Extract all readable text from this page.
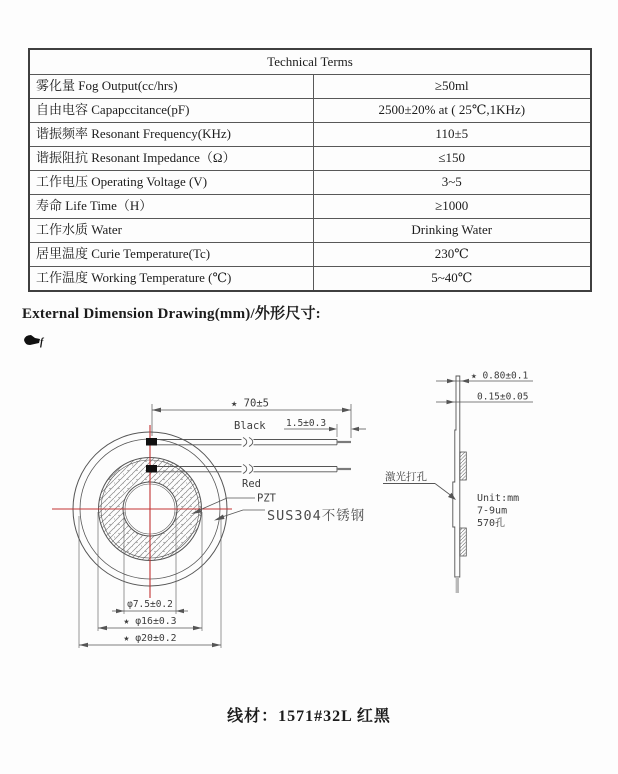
Technical Terms	
雾化量 Fog Output(cc/hrs)	≥50ml
自由电容 Capapccitance(pF)	2500±20% at ( 25℃,1KHz)
谐振频率 Resonant Frequency(KHz)	110±5
谐振阻抗 Resonant Impedance（Ω）	≤150
工作电压 Operating Voltage (V)	3~5
寿命 Life Time（H）	≥1000
工作水质 Water	Drinking Water
居里温度 Curie Temperature(Tc)	230℃
工作温度 Working Temperature (℃)	5~40℃
External Dimension Drawing(mm)/外形尺寸:
f
★ 70±5
Black
Red
1.5±0.3
PZT
SUS304不锈钢
φ7.5±0.2
★ φ16±0.3
★ φ20±0.2
★ 0.80±0.1
0.15±0.05
激光打孔
Unit:mm
7-9um
570孔
线材：1571#32L 红黑
